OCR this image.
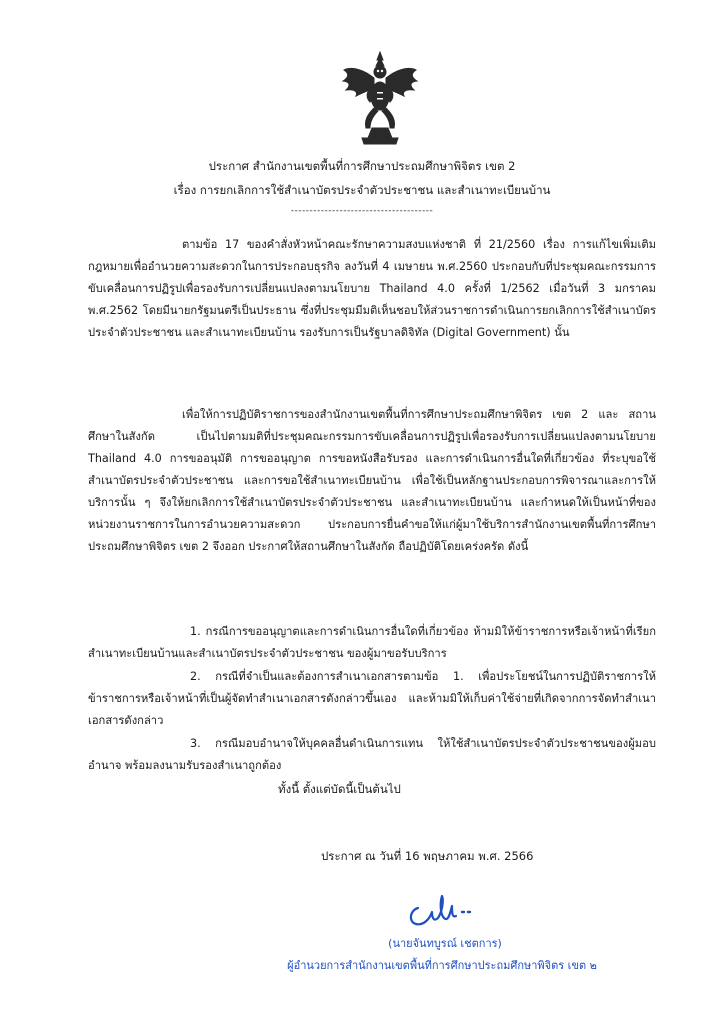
ประกาศ สำนักงานเขตพื้นที่การศึกษาประถมศึกษาพิจิตร เขต 2
เรื่อง การยกเลิกการใช้สำเนาบัตรประจำตัวประชาชน และสำเนาทะเบียนบ้าน
--------------------------------------
ตามข้อ 17 ของคำสั่งหัวหน้าคณะรักษาความสงบแห่งชาติ ที่ 21/2560 เรื่อง การแก้ไขเพิ่มเติมกฎหมายเพื่ออำนวยความสะดวกในการประกอบธุรกิจ ลงวันที่ 4 เมษายน พ.ศ.2560 ประกอบกับที่ประชุมคณะกรรมการขับเคลื่อนการปฏิรูปเพื่อรองรับการเปลี่ยนแปลงตามนโยบาย Thailand 4.0 ครั้งที่ 1/2562 เมื่อวันที่ 3 มกราคม พ.ศ.2562 โดยมีนายกรัฐมนตรีเป็นประธาน ซึ่งที่ประชุมมีมติเห็นชอบให้ส่วนราชการดำเนินการยกเลิกการใช้สำเนาบัตรประจำตัวประชาชน และสำเนาทะเบียนบ้าน รองรับการเป็นรัฐบาลดิจิทัล (Digital Government) นั้น
เพื่อให้การปฏิบัติราชการของสำนักงานเขตพื้นที่การศึกษาประถมศึกษาพิจิตร เขต 2 และ สถานศึกษาในสังกัด เป็นไปตามมติที่ประชุมคณะกรรมการขับเคลื่อนการปฏิรูปเพื่อรองรับการเปลี่ยนแปลงตามนโยบาย Thailand 4.0 การขออนุมัติ การขออนุญาต การขอหนังสือรับรอง และการดำเนินการอื่นใดที่เกี่ยวข้อง ที่ระบุขอใช้สำเนาบัตรประจำตัวประชาชน และการขอใช้สำเนาทะเบียนบ้าน เพื่อใช้เป็นหลักฐานประกอบการพิจารณาและการให้บริการนั้น ๆ จึงให้ยกเลิกการใช้สำเนาบัตรประจำตัวประชาชน และสำเนาทะเบียนบ้าน และกำหนดให้เป็นหน้าที่ของหน่วยงานราชการในการอำนวยความสะดวก ประกอบการยื่นคำขอให้แก่ผู้มาใช้บริการสำนักงานเขตพื้นที่การศึกษาประถมศึกษาพิจิตร เขต 2 จึงออก ประกาศให้สถานศึกษาในสังกัด ถือปฏิบัติโดยเคร่งครัด ดังนี้
1. กรณีการขออนุญาตและการดำเนินการอื่นใดที่เกี่ยวข้อง ห้ามมิให้ข้าราชการหรือเจ้าหน้าที่เรียกสำเนาทะเบียนบ้านและสำเนาบัตรประจำตัวประชาชน ของผู้มาขอรับบริการ
2. กรณีที่จำเป็นและต้องการสำเนาเอกสารตามข้อ 1. เพื่อประโยชน์ในการปฏิบัติราชการให้ข้าราชการหรือเจ้าหน้าที่เป็นผู้จัดทำสำเนาเอกสารดังกล่าวขึ้นเอง และห้ามมิให้เก็บค่าใช้จ่ายที่เกิดจากการจัดทำสำเนาเอกสารดังกล่าว
3. กรณีมอบอำนาจให้บุคคลอื่นดำเนินการแทน ให้ใช้สำเนาบัตรประจำตัวประชาชนของผู้มอบอำนาจ พร้อมลงนามรับรองสำเนาถูกต้อง
ทั้งนี้ ตั้งแต่บัดนี้เป็นต้นไป
ประกาศ ณ วันที่ 16 พฤษภาคม พ.ศ. 2566
(นายจันทบูรณ์ เชตการ)
ผู้อำนวยการสำนักงานเขตพื้นที่การศึกษาประถมศึกษาพิจิตร เขต ๒
